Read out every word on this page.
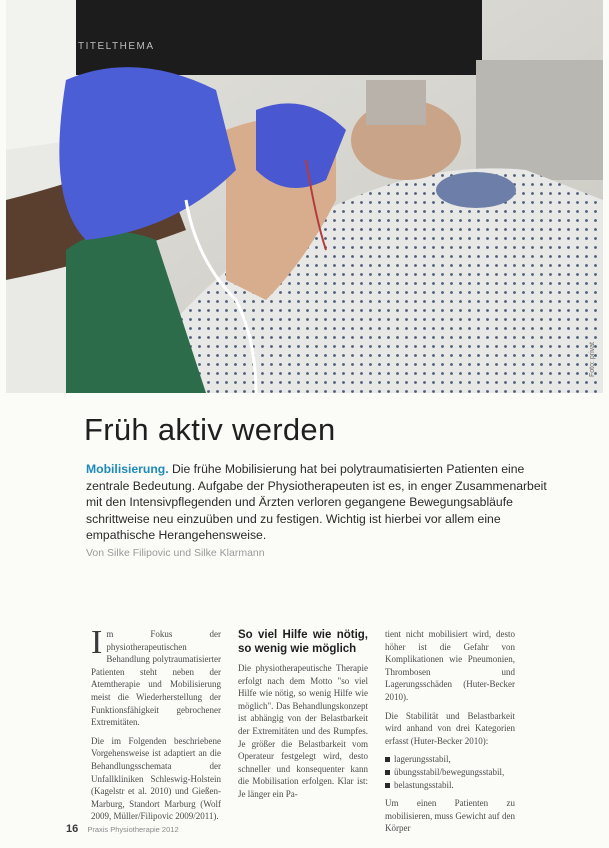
TITELTHEMA
Foto: privat
Früh aktiv werden

Mobilisierung. Die frühe Mobilisierung hat bei polytraumatisierten Patienten eine zentrale Bedeutung. Aufgabe der Physiotherapeuten ist es, in enger Zusammenarbeit mit den Intensivpflegenden und Ärzten verloren gegangene Bewegungsabläufe schrittweise neu einzuüben und zu festigen. Wichtig ist hierbei vor allem eine empathische Herangehensweise.

Von Silke Filipovic und Silke Klarmann

Im Fokus der physiotherapeutischen Behandlung polytraumatisierter Patienten steht neben der Atemtherapie und Mobilisierung meist die Wiederherstellung der Funktionsfähigkeit gebrochener Extremitäten.

Die im Folgenden beschriebene Vorgehensweise ist adaptiert an die Behandlungsschemata der Unfallkliniken Schleswig-Holstein (Kagelstr et al. 2010) und Gießen-Marburg, Standort Marburg (Wolf 2009, Müller/Filipovic 2009/2011).

So viel Hilfe wie nötig, so wenig wie möglich

Die physiotherapeutische Therapie erfolgt nach dem Motto "so viel Hilfe wie nötig, so wenig Hilfe wie möglich". Das Behandlungskonzept ist abhängig von der Belastbarkeit der Extremitäten und des Rumpfes. Je größer die Belastbarkeit vom Operateur festgelegt wird, desto schneller und konsequenter kann die Mobilisation erfolgen. Klar ist: Je länger ein Pa-

tient nicht mobilisiert wird, desto höher ist die Gefahr von Komplikationen wie Pneumonien, Thrombosen und Lagerungsschäden (Huter-Becker 2010).

Die Stabilität und Belastbarkeit wird anhand von drei Kategorien erfasst (Huter-Becker 2010):

lagerungsstabil,
übungsstabil/bewegungsstabil,
belastungsstabil.

Um einen Patienten zu mobilisieren, muss Gewicht auf den Körper

16 Praxis Physiotherapie 2012
